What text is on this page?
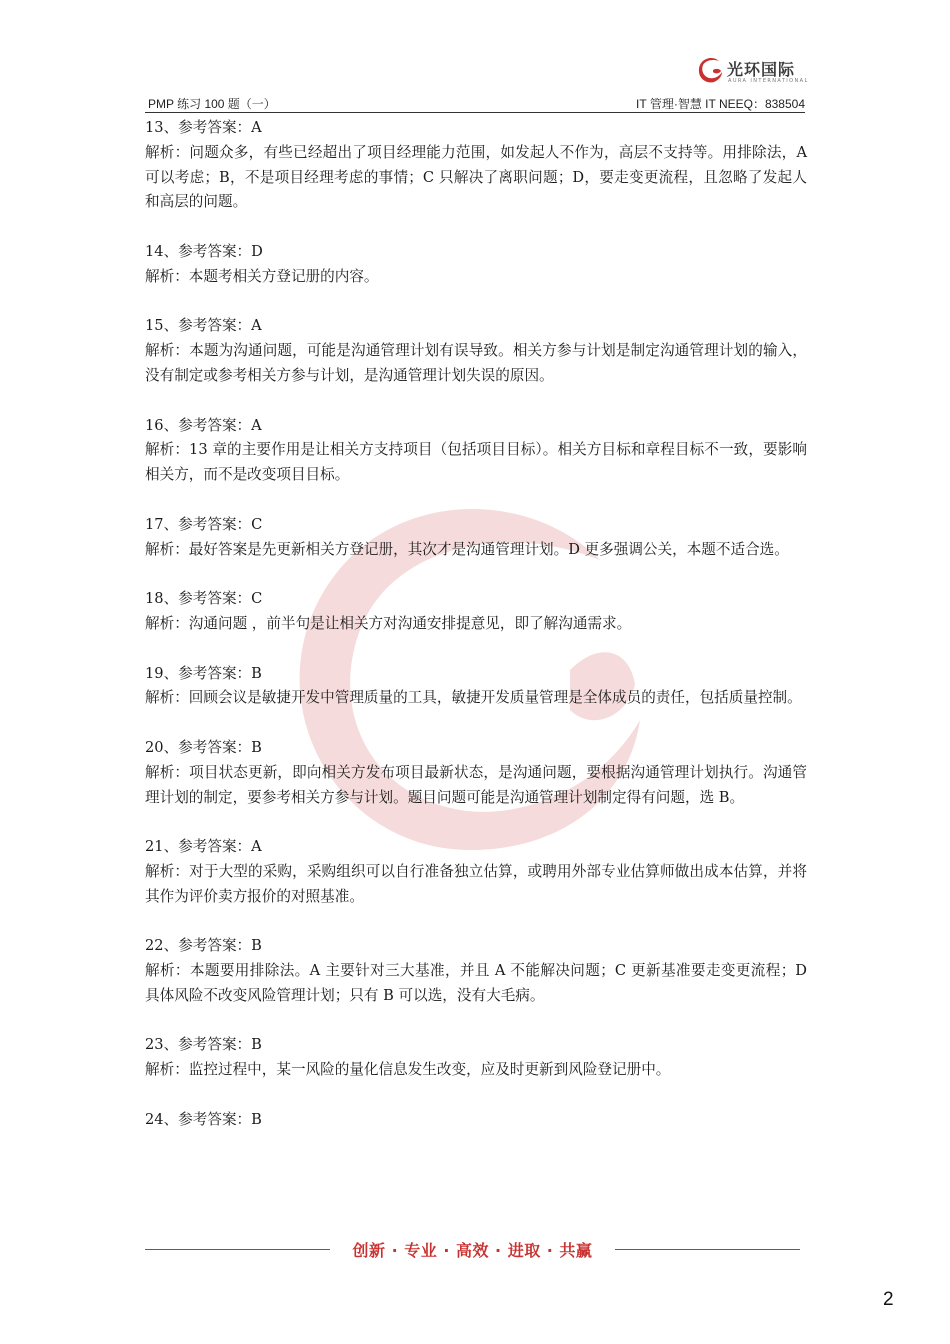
光环国际
AURA INTERNATIONAL
PMP 练习 100 题（一）	IT 管理·智慧 IT NEEQ：838504

13、参考答案：A

解析：问题众多，有些已经超出了项目经理能力范围，如发起人不作为，高层不支持等。用排除法，A 可以考虑；B，不是项目经理考虑的事情；C 只解决了离职问题；D，要走变更流程，且忽略了发起人和高层的问题。

14、参考答案：D

解析：本题考相关方登记册的内容。

15、参考答案：A

解析：本题为沟通问题，可能是沟通管理计划有误导致。相关方参与计划是制定沟通管理计划的输入，没有制定或参考相关方参与计划，是沟通管理计划失误的原因。

16、参考答案：A

解析：13 章的主要作用是让相关方支持项目（包括项目目标）。相关方目标和章程目标不一致，要影响相关方，而不是改变项目目标。

17、参考答案：C

解析：最好答案是先更新相关方登记册，其次才是沟通管理计划。D 更多强调公关，本题不适合选。

18、参考答案：C

解析：沟通问题 ，前半句是让相关方对沟通安排提意见，即了解沟通需求。

19、参考答案：B

解析：回顾会议是敏捷开发中管理质量的工具，敏捷开发质量管理是全体成员的责任，包括质量控制。

20、参考答案：B

解析：项目状态更新，即向相关方发布项目最新状态，是沟通问题，要根据沟通管理计划执行。沟通管理计划的制定，要参考相关方参与计划。题目问题可能是沟通管理计划制定得有问题，选 B。

21、参考答案：A

解析：对于大型的采购，采购组织可以自行准备独立估算，或聘用外部专业估算师做出成本估算，并将其作为评价卖方报价的对照基准。

22、参考答案：B

解析：本题要用排除法。A 主要针对三大基准，并且 A 不能解决问题；C 更新基准要走变更流程；D 具体风险不改变风险管理计划；只有 B 可以选，没有大毛病。

23、参考答案：B

解析：监控过程中，某一风险的量化信息发生改变，应及时更新到风险登记册中。

24、参考答案：B

创新 · 专业 · 高效 · 进取 · 共赢
2
